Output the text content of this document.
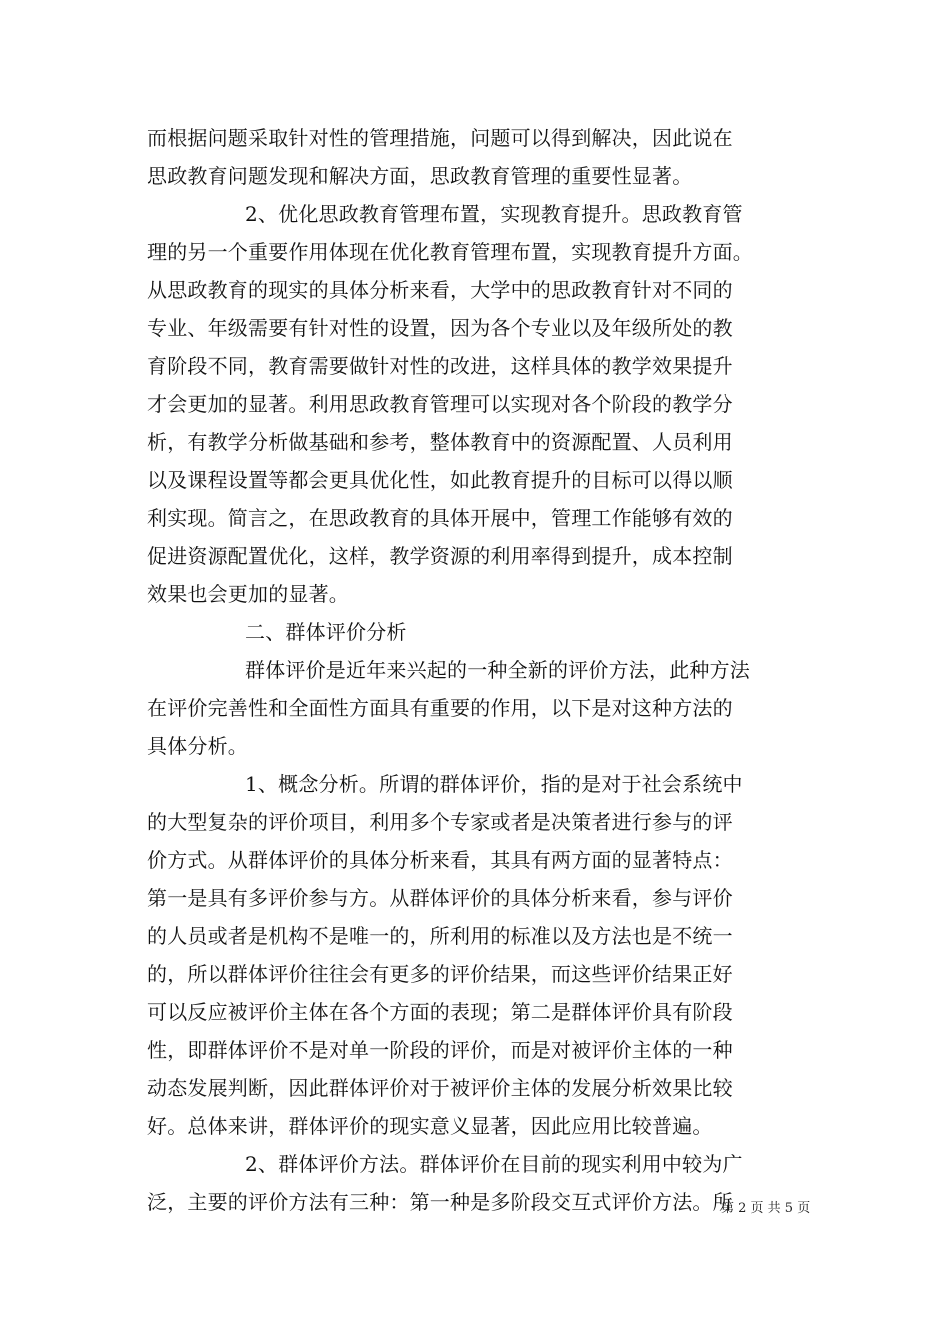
而根据问题采取针对性的管理措施，问题可以得到解决，因此说在
思政教育问题发现和解决方面，思政教育管理的重要性显著。
2、优化思政教育管理布置，实现教育提升。思政教育管
理的另一个重要作用体现在优化教育管理布置，实现教育提升方面。
从思政教育的现实的具体分析来看，大学中的思政教育针对不同的
专业、年级需要有针对性的设置，因为各个专业以及年级所处的教
育阶段不同，教育需要做针对性的改进，这样具体的教学效果提升
才会更加的显著。利用思政教育管理可以实现对各个阶段的教学分
析，有教学分析做基础和参考，整体教育中的资源配置、人员利用
以及课程设置等都会更具优化性，如此教育提升的目标可以得以顺
利实现。简言之，在思政教育的具体开展中，管理工作能够有效的
促进资源配置优化，这样，教学资源的利用率得到提升，成本控制
效果也会更加的显著。
二、群体评价分析
群体评价是近年来兴起的一种全新的评价方法，此种方法
在评价完善性和全面性方面具有重要的作用，以下是对这种方法的
具体分析。
1、概念分析。所谓的群体评价，指的是对于社会系统中
的大型复杂的评价项目，利用多个专家或者是决策者进行参与的评
价方式。从群体评价的具体分析来看，其具有两方面的显著特点：
第一是具有多评价参与方。从群体评价的具体分析来看，参与评价
的人员或者是机构不是唯一的，所利用的标准以及方法也是不统一
的，所以群体评价往往会有更多的评价结果，而这些评价结果正好
可以反应被评价主体在各个方面的表现；第二是群体评价具有阶段
性，即群体评价不是对单一阶段的评价，而是对被评价主体的一种
动态发展判断，因此群体评价对于被评价主体的发展分析效果比较
好。总体来讲，群体评价的现实意义显著，因此应用比较普遍。
2、群体评价方法。群体评价在目前的现实利用中较为广
泛，主要的评价方法有三种：第一种是多阶段交互式评价方法。所
第 2 页 共 5 页
